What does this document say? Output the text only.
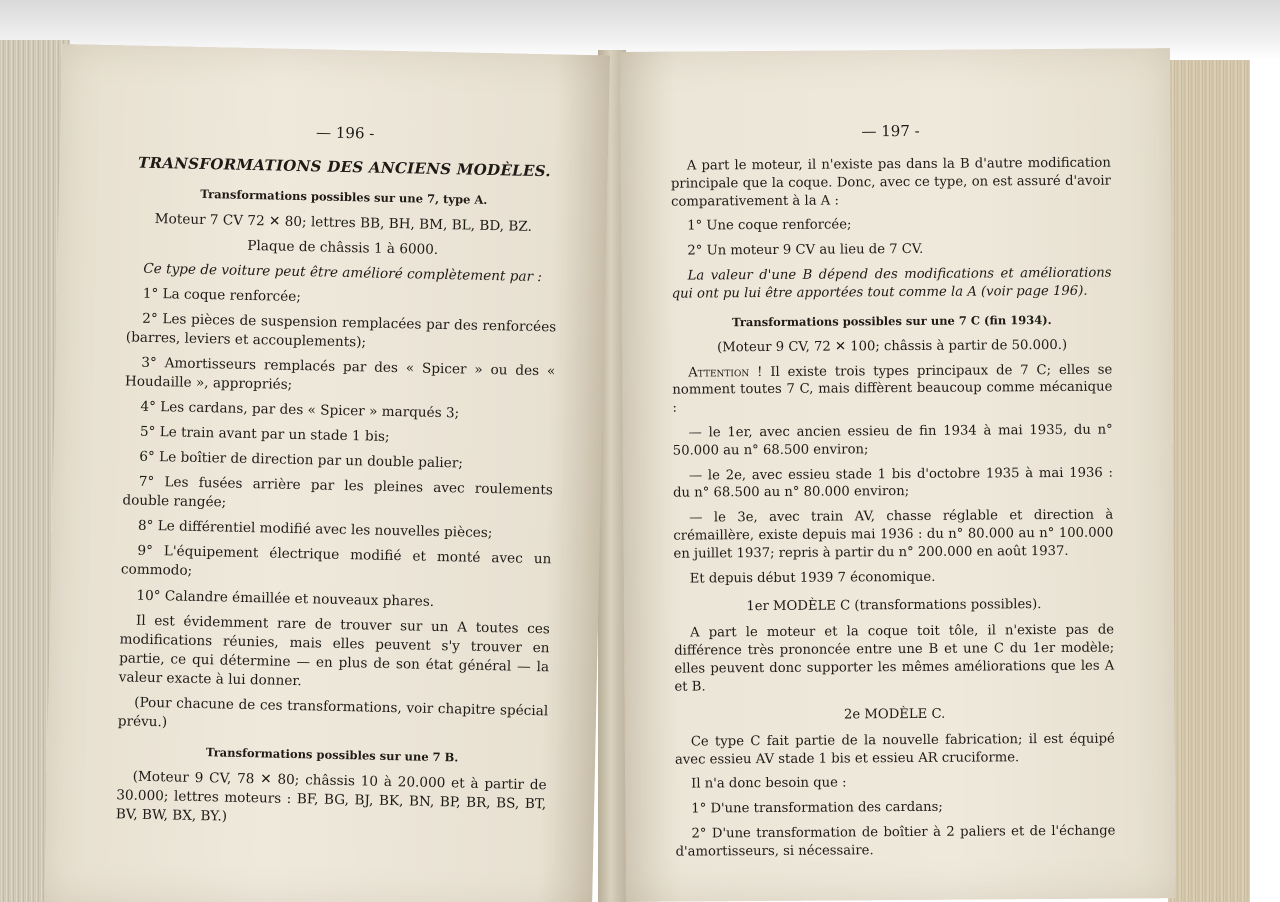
— 196 -
TRANSFORMATIONS DES ANCIENS MODÈLES.
Transformations possibles sur une 7, type A.

Moteur 7 CV 72 ✕ 80; lettres BB, BH, BM, BL, BD, BZ.

Plaque de châssis 1 à 6000.

Ce type de voiture peut être amélioré complètement par :

1° La coque renforcée;

2° Les pièces de suspension remplacées par des renforcées (barres, leviers et accouplements);

3° Amortisseurs remplacés par des « Spicer » ou des « Houdaille », appropriés;

4° Les cardans, par des « Spicer » marqués 3;

5° Le train avant par un stade 1 bis;

6° Le boîtier de direction par un double palier;

7° Les fusées arrière par les pleines avec roulements double rangée;

8° Le différentiel modifié avec les nouvelles pièces;

9° L'équipement électrique modifié et monté avec un commodo;

10° Calandre émaillée et nouveaux phares.

Il est évidemment rare de trouver sur un A toutes ces modifications réunies, mais elles peuvent s'y trouver en partie, ce qui détermine — en plus de son état général — la valeur exacte à lui donner.

(Pour chacune de ces transformations, voir chapitre spécial prévu.)

Transformations possibles sur une 7 B.

(Moteur 9 CV, 78 ✕ 80; châssis 10 à 20.000 et à partir de 30.000; lettres moteurs : BF, BG, BJ, BK, BN, BP, BR, BS, BT, BV, BW, BX, BY.)

— 197 -

A part le moteur, il n'existe pas dans la B d'autre modification principale que la coque. Donc, avec ce type, on est assuré d'avoir comparativement à la A :

1° Une coque renforcée;

2° Un moteur 9 CV au lieu de 7 CV.

La valeur d'une B dépend des modifications et améliorations qui ont pu lui être apportées tout comme la A (voir page 196).

Transformations possibles sur une 7 C (fin 1934).

(Moteur 9 CV, 72 ✕ 100; châssis à partir de 50.000.)

Attention ! Il existe trois types principaux de 7 C; elles se nomment toutes 7 C, mais diffèrent beaucoup comme mécanique :

— le 1er, avec ancien essieu de fin 1934 à mai 1935, du n° 50.000 au n° 68.500 environ;

— le 2e, avec essieu stade 1 bis d'octobre 1935 à mai 1936 : du n° 68.500 au n° 80.000 environ;

— le 3e, avec train AV, chasse réglable et direction à crémaillère, existe depuis mai 1936 : du n° 80.000 au n° 100.000 en juillet 1937; repris à partir du n° 200.000 en août 1937.

Et depuis début 1939 7 économique.

1er MODÈLE C (transformations possibles).

A part le moteur et la coque toit tôle, il n'existe pas de différence très prononcée entre une B et une C du 1er modèle; elles peuvent donc supporter les mêmes améliorations que les A et B.

2e MODÈLE C.

Ce type C fait partie de la nouvelle fabrication; il est équipé avec essieu AV stade 1 bis et essieu AR cruciforme.

Il n'a donc besoin que :

1° D'une transformation des cardans;

2° D'une transformation de boîtier à 2 paliers et de l'échange d'amortisseurs, si nécessaire.
